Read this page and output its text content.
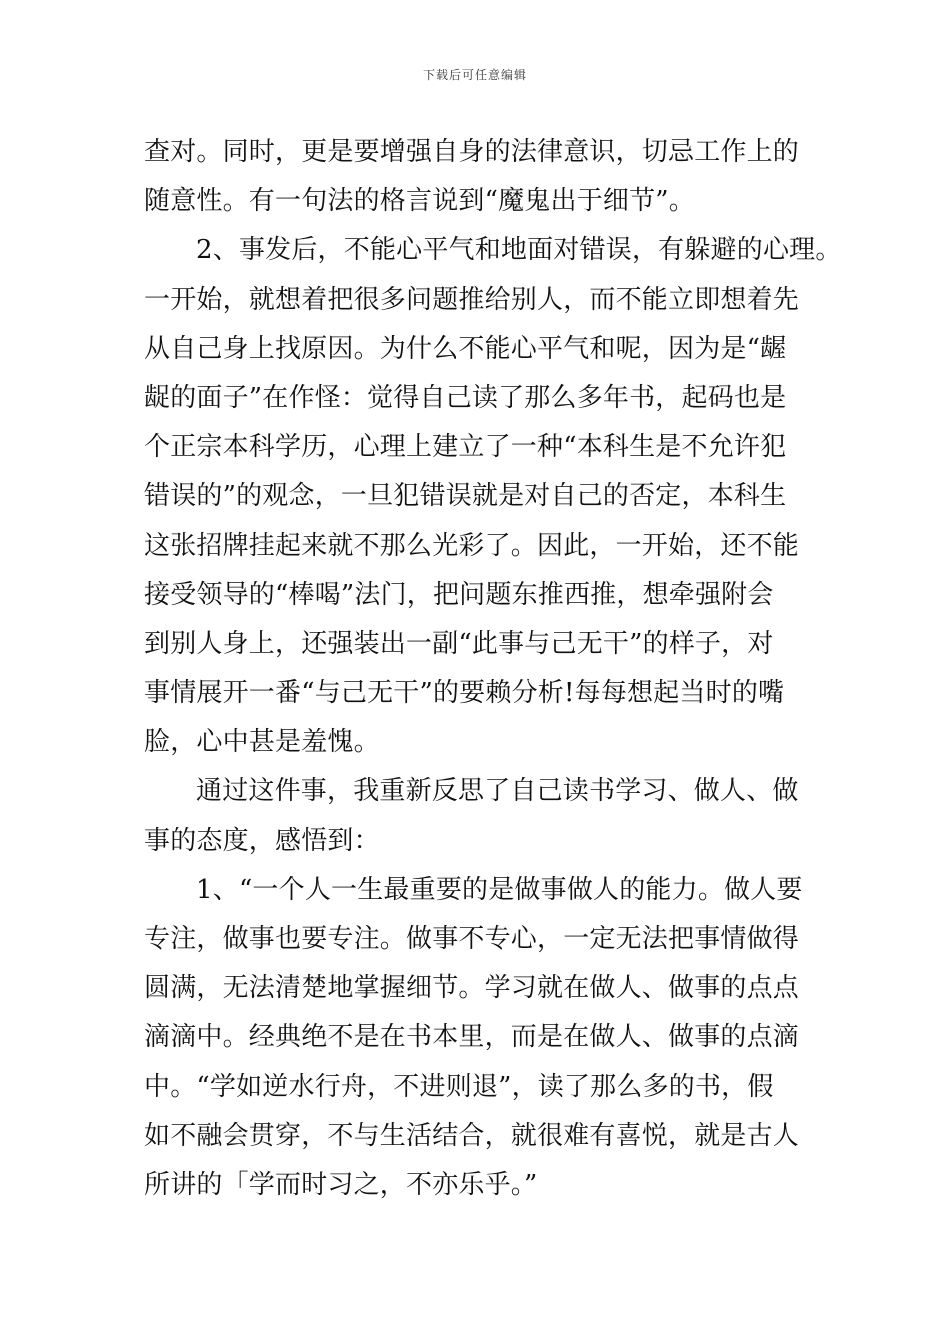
下载后可任意编辑
查对。同时，更是要增强自身的法律意识，切忌工作上的
随意性。有一句法的格言说到“魔鬼出于细节”。
2、事发后，不能心平气和地面对错误，有躲避的心理。
一开始，就想着把很多问题推给别人，而不能立即想着先
从自己身上找原因。为什么不能心平气和呢，因为是“龌
龊的面子”在作怪：觉得自己读了那么多年书，起码也是
个正宗本科学历，心理上建立了一种“本科生是不允许犯
错误的”的观念，一旦犯错误就是对自己的否定，本科生
这张招牌挂起来就不那么光彩了。因此，一开始，还不能
接受领导的“棒喝”法门，把问题东推西推，想牵强附会
到别人身上，还强装出一副“此事与己无干”的样子，对
事情展开一番“与己无干”的要赖分析!每每想起当时的嘴
脸，心中甚是羞愧。
通过这件事，我重新反思了自己读书学习、做人、做
事的态度，感悟到：
1、“一个人一生最重要的是做事做人的能力。做人要
专注，做事也要专注。做事不专心，一定无法把事情做得
圆满，无法清楚地掌握细节。学习就在做人、做事的点点
滴滴中。经典绝不是在书本里，而是在做人、做事的点滴
中。“学如逆水行舟，不进则退”，读了那么多的书，假
如不融会贯穿，不与生活结合，就很难有喜悦，就是古人
所讲的「学而时习之，不亦乐乎。”
